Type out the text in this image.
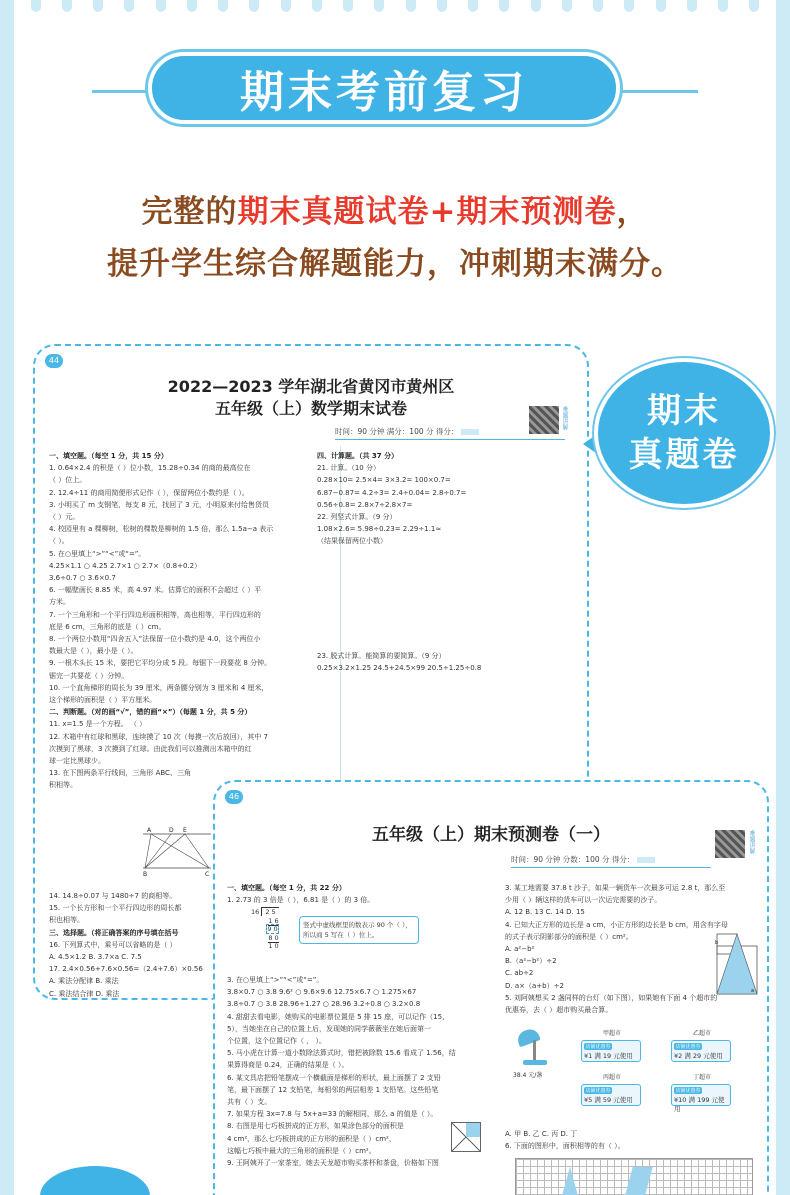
期末考前复习
完整的期末真题试卷+期末预测卷，
提升学生综合解题能力，冲刺期末满分。
44
2022—2023 学年湖北省黄冈市黄州区
五年级（上）数学期末试卷	难题讲解
时间：90 分钟 满分：100 分 得分：
一、填空题。（每空 1 分，共 15 分）
1. 0.64×2.4 的积是（ ）位小数，15.28÷0.34 的商的最高位在
（ ）位上。
2. 12.4÷11 的商用简便形式记作（ ），保留两位小数约是（ ）。
3. 小明买了 m 支钢笔，每支 8 元，找回了 3 元，小明原来付给售货员
（ ）元。
4. 校园里有 a 棵柳树，松树的棵数是柳树的 1.5 倍，那么 1.5a−a 表示
（ ）。
5. 在○里填上“>”“<”或“=”。
4.25×1.1 ○ 4.25 2.7×1 ○ 2.7×（0.8+0.2）
3.6÷0.7 ○ 3.6×0.7
6. 一幅壁画长 8.85 米，高 4.97 米。估算它的面积不会超过（ ）平
方米。
7. 一个三角形和一个平行四边形面积相等，高也相等，平行四边形的
底是 6 cm，三角形的底是（ ）cm。
8. 一个两位小数用“四舍五入”法保留一位小数约是 4.0，这个两位小
数最大是（ ），最小是（ ）。
9. 一根木头长 15 米，要把它平均分成 5 段。每锯下一段要花 8 分钟。
锯完一共要花（ ）分钟。
10. 一个直角梯形的周长为 39 厘米，两条腰分别为 3 厘米和 4 厘米，
这个梯形的面积是（ ）平方厘米。
二、判断题。（对的画“√”，错的画“×”）（每题 1 分，共 5 分）
11. x=1.5 是一个方程。 （ ）
12. 木箱中有红球和黑球，连续摸了 10 次（每摸一次后放回），其中 7
次摸到了黑球，3 次摸到了红球。由此我们可以推测出木箱中的红
球一定比黑球少。
13. 在下图两条平行线间，三角形 ABC、三角
积相等。
A	D E
B	C
14. 14.8÷0.07 与 1480÷7 的商相等。
15. 一个长方形和一个平行四边形的周长都
积也相等。
三、选择题。（将正确答案的序号填在括号
16. 下列算式中，乘号可以省略的是（ ）
A. 4.5×1.2 B. 3.7×a C. 7.5
17. 2.4×0.56+7.6×0.56=（2.4+7.6）×0.56
A. 乘法分配律 B. 乘法
C. 乘法结合律 D. 乘法
四、计算题。（共 37 分）
21. 计算。（10 分）
0.28×10= 2.5×4= 3×3.2= 100×0.7=
6.87−0.87= 4.2÷3= 2.4÷0.04= 2.8÷0.7=
0.56÷0.8= 2.8×7÷2.8×7=
22. 列竖式计算。（9 分）
1.08×2.6= 5.98÷0.23= 2.29÷1.1≈
（结果保留两位小数）
23. 脱式计算。能简算的要简算。（9 分）
0.25×3.2×1.25 24.5+24.5×99 20.5÷1.25÷0.8
期末
真题卷
46
五年级（上）期末预测卷（一）	难题讲解
时间：90 分钟 分数：100 分 得分：
一、填空题。（每空 1 分，共 22 分）
1. 2.73 的 3 倍是（ ），6.81 是（ ）的 3 倍。
16 2 5
1 6
9 0
8 0
1 0
竖式中虚线框里的数表示 90 个（ ），所以商 5 写在（ ）位上。
3. 在○里填上“>”“<”或“=”。
3.8×0.7 ○ 3.8 9.6² ○ 9.6×9.6 12.75×6.7 ○ 1.275×67
3.8÷0.7 ○ 3.8 28.96÷1.27 ○ 28.96 3.2÷0.8 ○ 3.2×0.8
4. 甜甜去看电影，她购买的电影票位置是 5 排 15 座，可以记作（15，
5），当她坐在自己的位置上后，发现她的同学薇薇坐在她后面第一
个位置，这个位置记作（ ， ）。
5. 马小虎在计算一道小数除法算式时，错把被除数 15.6 看成了 1.56，结
果算得商是 0.24，正确的结果是（ ）。
6. 某文具店把铅笔摆成一个横截面是梯形的形状，最上面摆了 2 支铅
笔，最下面摆了 12 支铅笔，每相邻的两层相差 1 支铅笔。这些铅笔
共有（ ）支。
7. 如果方程 3x=7.8 与 5x+a=33 的解相同，那么 a 的值是（ ）。
8. 右图是用七巧板拼成的正方形，如果涂色部分的面积是
4 cm²，那么七巧板拼成的正方形的面积是（ ）cm²，
这幅七巧板中最大的三角形的面积是（ ）cm²。
9. 王阿姨开了一家茶室，她去天龙超市购买茶杯和茶盘，价格如下图
3. 某工地需要 37.8 t 沙子，如果一辆货车一次最多可运 2.8 t，那么至
少用（ ）辆这样的货车可以一次运完需要的沙子。
A. 12 B. 13 C. 14 D. 15
4. 已知大正方形的边长是 a cm，小正方形的边长是 b cm，用含有字母
的式子表示阴影部分的面积是（ ）cm²。
A. a²−b²
B.（a²−b²）÷2
C. ab÷2
D. a×（a+b）÷2
5. 刘阿姨想买 2 盏同样的台灯（如下图），如果她有下面 4 个超市的
优惠券，去（ ）超市购买最合算。
b
a
38.4 元/盏
甲超市
店铺优惠券
¥1 满 19 元使用
乙超市
店铺优惠券
¥2 满 29 元使用
丙超市
店铺优惠券
¥5 满 59 元使用
丁超市
店铺优惠券
¥10 满 199 元使用
A. 甲 B. 乙 C. 丙 D. 丁
6. 下面的图形中，面积相等的有（ ）。
